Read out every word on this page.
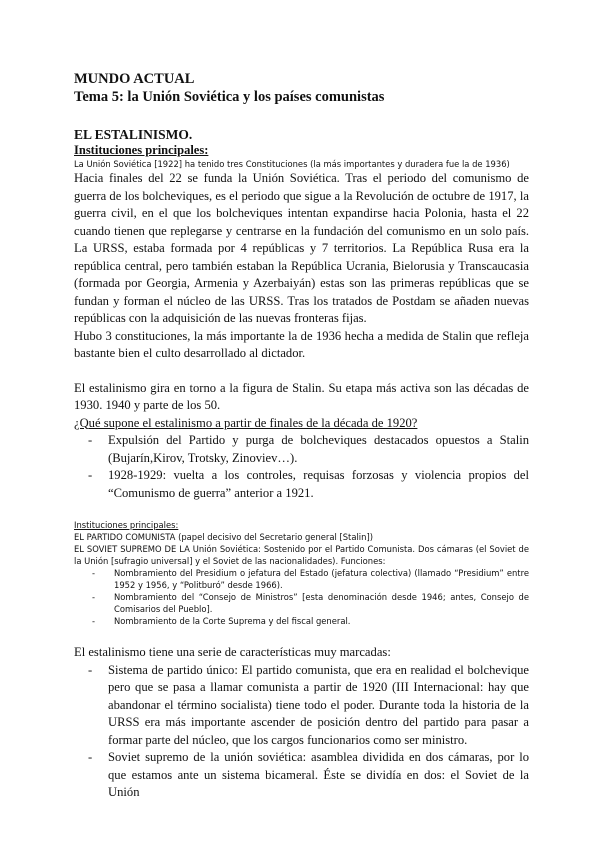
MUNDO ACTUAL

Tema 5: la Unión Soviética y los países comunistas

EL ESTALINISMO.

Instituciones principales:

La Unión Soviética [1922] ha tenido tres Constituciones (la más importantes y duradera fue la de 1936)

Hacia finales del 22 se funda la Unión Soviética. Tras el periodo del comunismo de guerra de los bolcheviques, es el periodo que sigue a la Revolución de octubre de 1917, la guerra civil, en el que los bolcheviques intentan expandirse hacia Polonia, hasta el 22 cuando tienen que replegarse y centrarse en la fundación del comunismo en un solo país. La URSS, estaba formada por 4 repúblicas y 7 territorios. La República Rusa era la república central, pero también estaban la República Ucrania, Bielorusia y Transcaucasia (formada por Georgia, Armenia y Azerbaiyán) estas son las primeras repúblicas que se fundan y forman el núcleo de las URSS. Tras los tratados de Postdam se añaden nuevas repúblicas con la adquisición de las nuevas fronteras fijas.

Hubo 3 constituciones, la más importante la de 1936 hecha a medida de Stalin que refleja bastante bien el culto desarrollado al dictador.

El estalinismo gira en torno a la figura de Stalin. Su etapa más activa son las décadas de 1930. 1940 y parte de los 50.

¿Qué supone el estalinismo a partir de finales de la década de 1920?

- Expulsión del Partido y purga de bolcheviques destacados opuestos a Stalin (Bujarín,Kirov, Trotsky, Zinoviev…).
- 1928-1929: vuelta a los controles, requisas forzosas y violencia propios del “Comunismo de guerra” anterior a 1921.

Instituciones principales:

EL PARTIDO COMUNISTA (papel decisivo del Secretario general [Stalin])

EL SOVIET SUPREMO DE LA Unión Soviética: Sostenido por el Partido Comunista. Dos cámaras (el Soviet de la Unión [sufragio universal] y el Soviet de las nacionalidades). Funciones:

- Nombramiento del Presidium o jefatura del Estado (jefatura colectiva) (llamado “Presidium” entre 1952 y 1956, y “Politburó” desde 1966).
- Nombramiento del “Consejo de Ministros” [esta denominación desde 1946; antes, Consejo de Comisarios del Pueblo].
- Nombramiento de la Corte Suprema y del fiscal general.

El estalinismo tiene una serie de características muy marcadas:

- Sistema de partido único: El partido comunista, que era en realidad el bolchevique pero que se pasa a llamar comunista a partir de 1920 (III Internacional: hay que abandonar el término socialista) tiene todo el poder. Durante toda la historia de la URSS era más importante ascender de posición dentro del partido para pasar a formar parte del núcleo, que los cargos funcionarios como ser ministro.
- Soviet supremo de la unión soviética: asamblea dividida en dos cámaras, por lo que estamos ante un sistema bicameral. Éste se dividía en dos: el Soviet de la Unión
